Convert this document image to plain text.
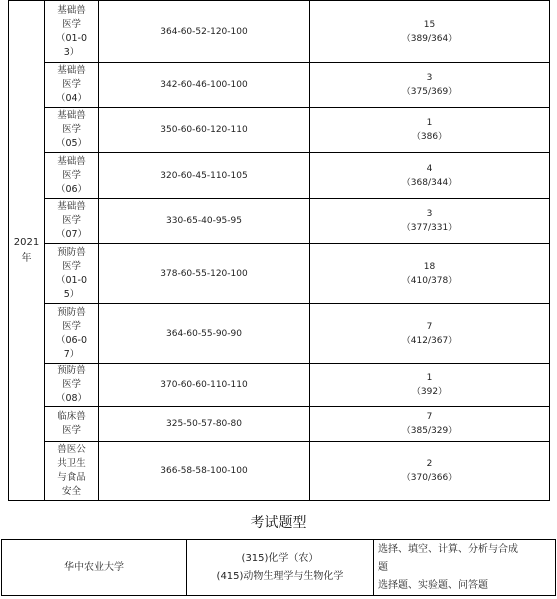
2021
年	基础兽
医学
（01-0
3）	364-60-52-120-100	15
（389/364）

	基础兽
医学
（04）	342-60-46-100-100	3
（375/369）

	基础兽
医学
（05）	350-60-60-120-110	1
（386）

	基础兽
医学
（06）	320-60-45-110-105	4
（368/344）

	基础兽
医学
（07）	330-65-40-95-95	3
（377/331）

	预防兽
医学
（01-0
5）	378-60-55-120-100	18
（410/378）

	预防兽
医学
（06-0
7）	364-60-55-90-90	7
（412/367）

	预防兽
医学
（08）	370-60-60-110-110	1
（392）

	临床兽
医学	325-50-57-80-80	7
（385/329）

	兽医公
共卫生
与食品
安全	366-58-58-100-100	2
（370/366）
考试题型
华中农业大学	(315)化学（农）
(415)动物生理学与生物化学	选择、填空、计算、分析与合成
题
选择题、实验题、问答题
